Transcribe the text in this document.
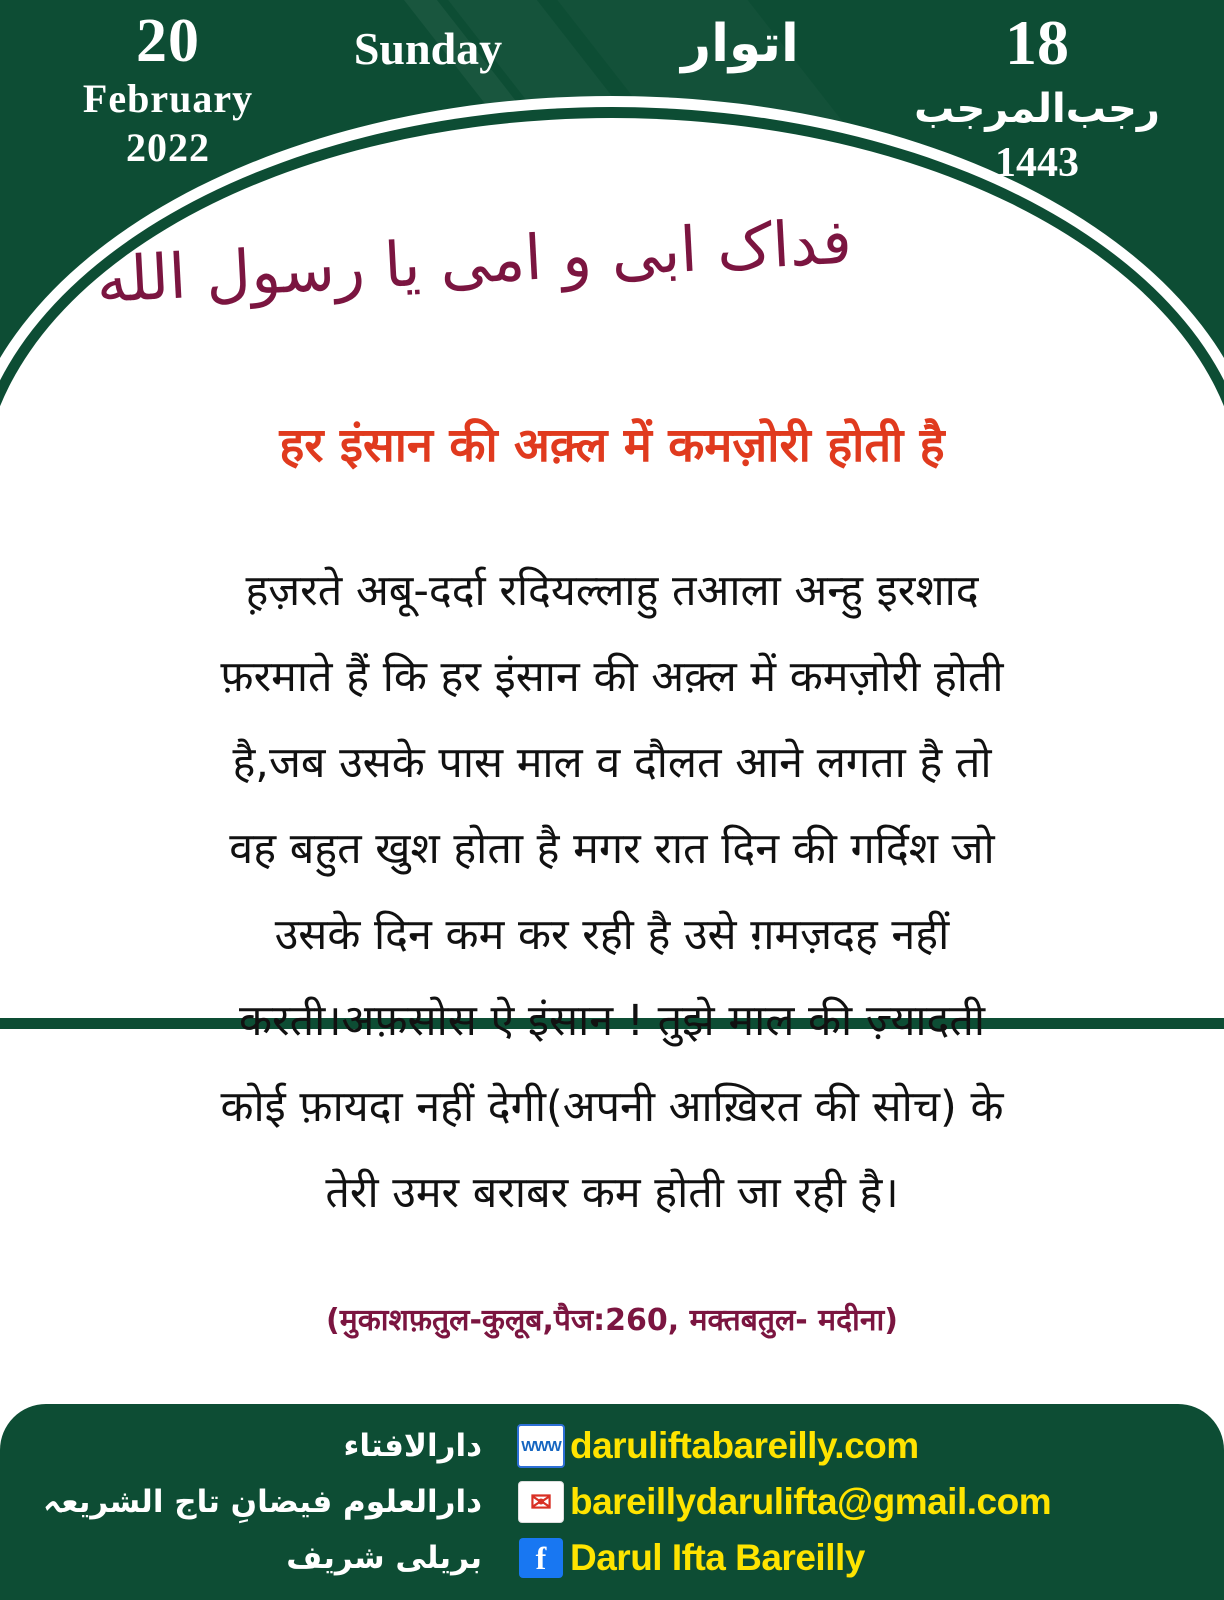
20
February
2022
Sunday	اتوار	18
رجب‌المرجب
1443
فداک ابی و امی یا رسول الله
हर इंसान की अक़्ल में कमज़ोरी होती है
ह़ज़रते अबू-दर्दा रदियल्लाहु तआला अन्हु इरशाद
फ़रमाते हैं कि हर इंसान की अक़्ल में कमज़ोरी होती
है,जब उसके पास माल व दौलत आने लगता है तो
वह बहुत खुश होता है मगर रात दिन की गर्दिश जो
उसके दिन कम कर रही है उसे ग़मज़दह नहीं
करती।अफ़सोस ऐ इंसान ! तुझे माल की ज़्यादती
कोई फ़ायदा नहीं देगी(अपनी आख़िरत की सोच) के
तेरी उमर बराबर कम होती जा रही है।
(मुकाशफ़तुल-कुलूब,पैज:260, मक्तबतुल- मदीना)
دارالافتاء
دارالعلوم فیضانِ تاج الشریعہ
بریلی شریف
WWW daruliftabareilly.com
✉ bareillydarulifta@gmail.com
f Darul Ifta Bareilly
